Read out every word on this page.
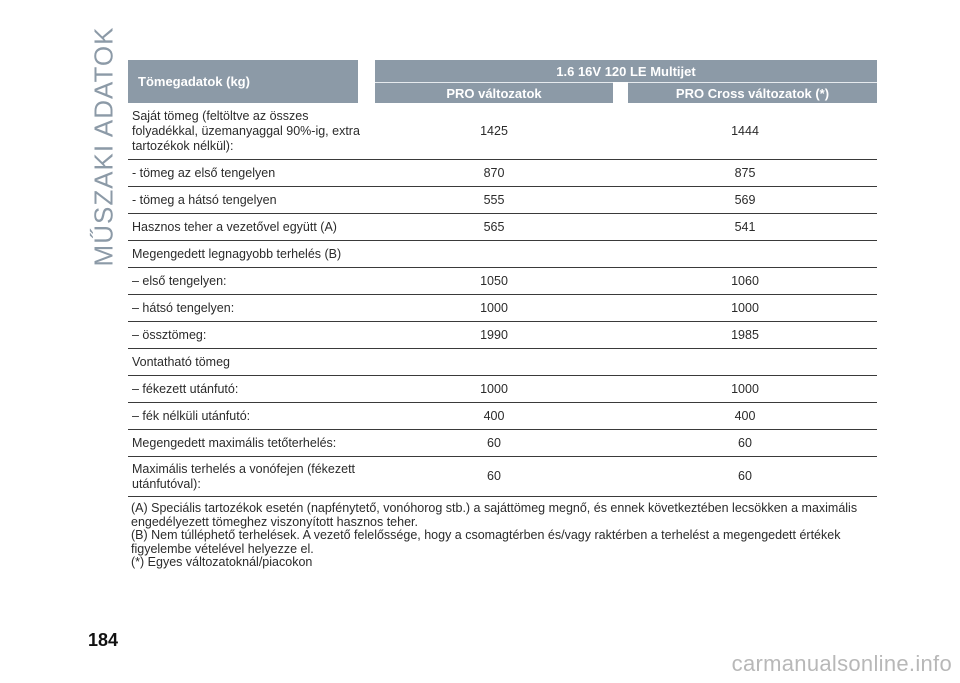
MŰSZAKI ADATOK	Tömegadatok (kg)
1.6 16V 120 LE Multijet
PRO változatok	PRO Cross változatok (*)
Saját tömeg (feltöltve az összes folyadékkal, üzemanyaggal 90%-ig, extra tartozékok nélkül):
1425	1444
- tömeg az első tengelyen	870	875
- tömeg a hátsó tengelyen	555	569
Hasznos teher a vezetővel együtt (A)	565	541
Megengedett legnagyobb terhelés (B)
– első tengelyen:	1050	1060
– hátsó tengelyen:	1000	1000
– össztömeg:	1990	1985
Vontatható tömeg
– fékezett utánfutó:	1000	1000
– fék nélküli utánfutó:	400	400
Megengedett maximális tetőterhelés:	60	60
Maximális terhelés a vonófejen (fékezett utánfutóval):
60	60
(A) Speciális tartozékok esetén (napfénytető, vonóhorog stb.) a sajáttömeg megnő, és ennek következtében lecsökken a maximális engedélyezett tömeghez viszonyított hasznos teher.
(B) Nem túlléphető terhelések. A vezető felelőssége, hogy a csomagtérben és/vagy raktérben a terhelést a megengedett értékek figyelembe vételével helyezze el.
(*) Egyes változatoknál/piacokon
184
carmanualsonline.info
